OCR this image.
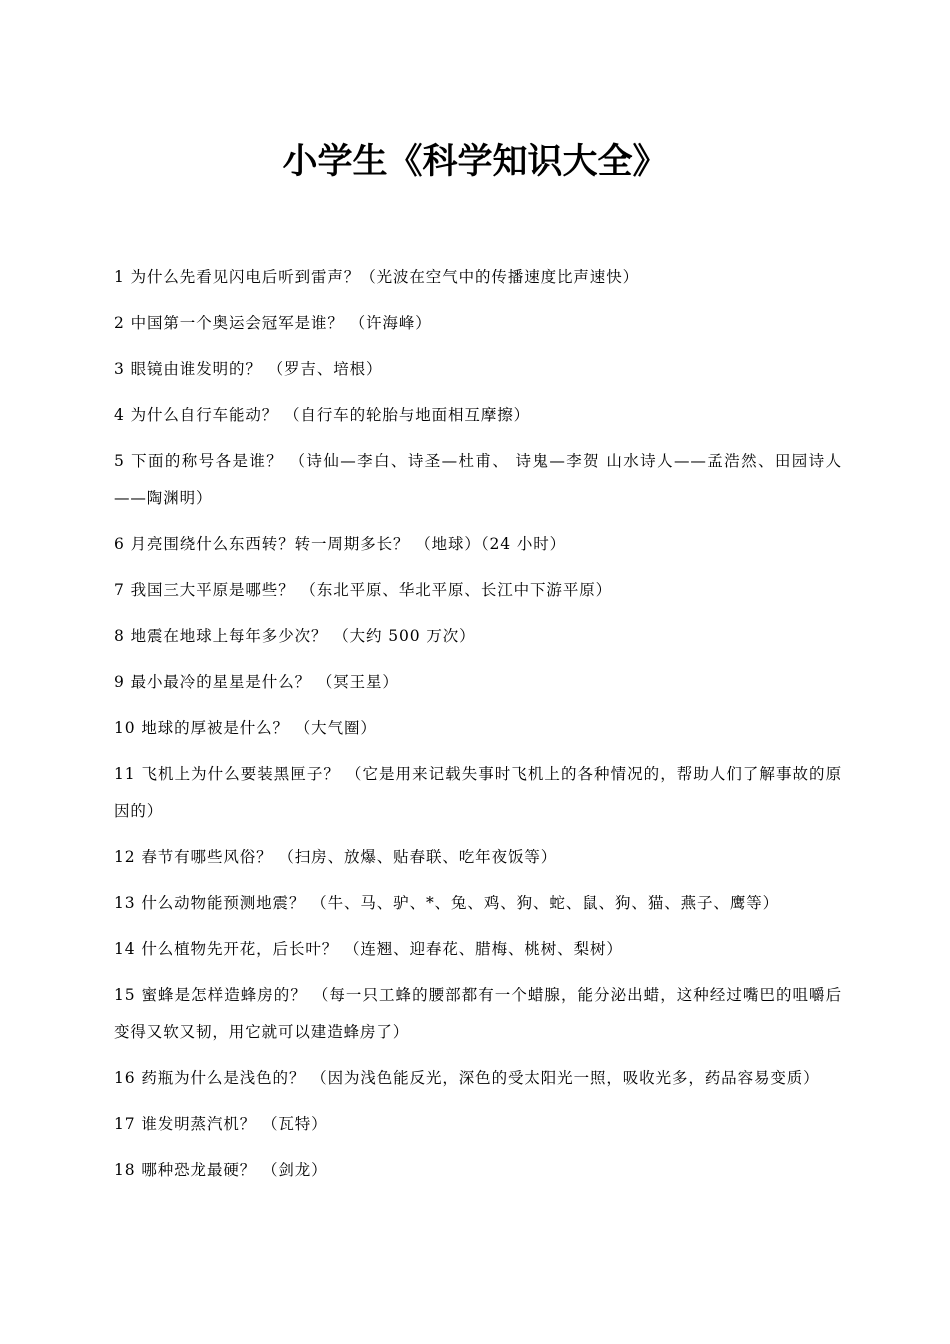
小学生《科学知识大全》
1 为什么先看见闪电后听到雷声？（光波在空气中的传播速度比声速快）
2 中国第一个奥运会冠军是谁？ （许海峰）
3 眼镜由谁发明的？ （罗吉、培根）
4 为什么自行车能动？ （自行车的轮胎与地面相互摩擦）
5 下面的称号各是谁？ （诗仙—李白、诗圣—杜甫、 诗鬼—李贺 山水诗人——孟浩然、田园诗人——陶渊明）
6 月亮围绕什么东西转？转一周期多长？ （地球）（24 小时）
7 我国三大平原是哪些？ （东北平原、华北平原、长江中下游平原）
8 地震在地球上每年多少次？ （大约 500 万次）
9 最小最冷的星星是什么？ （冥王星）
10 地球的厚被是什么？ （大气圈）
11 飞机上为什么要装黑匣子？ （它是用来记载失事时飞机上的各种情况的，帮助人们了解事故的原因的）
12 春节有哪些风俗？ （扫房、放爆、贴春联、吃年夜饭等）
13 什么动物能预测地震？ （牛、马、驴、*、兔、鸡、狗、蛇、鼠、狗、猫、燕子、鹰等）
14 什么植物先开花，后长叶？ （连翘、迎春花、腊梅、桃树、梨树）
15 蜜蜂是怎样造蜂房的？ （每一只工蜂的腰部都有一个蜡腺，能分泌出蜡，这种经过嘴巴的咀嚼后变得又软又韧，用它就可以建造蜂房了）
16 药瓶为什么是浅色的？ （因为浅色能反光，深色的受太阳光一照，吸收光多，药品容易变质）
17 谁发明蒸汽机？ （瓦特）
18 哪种恐龙最硬？ （剑龙）
